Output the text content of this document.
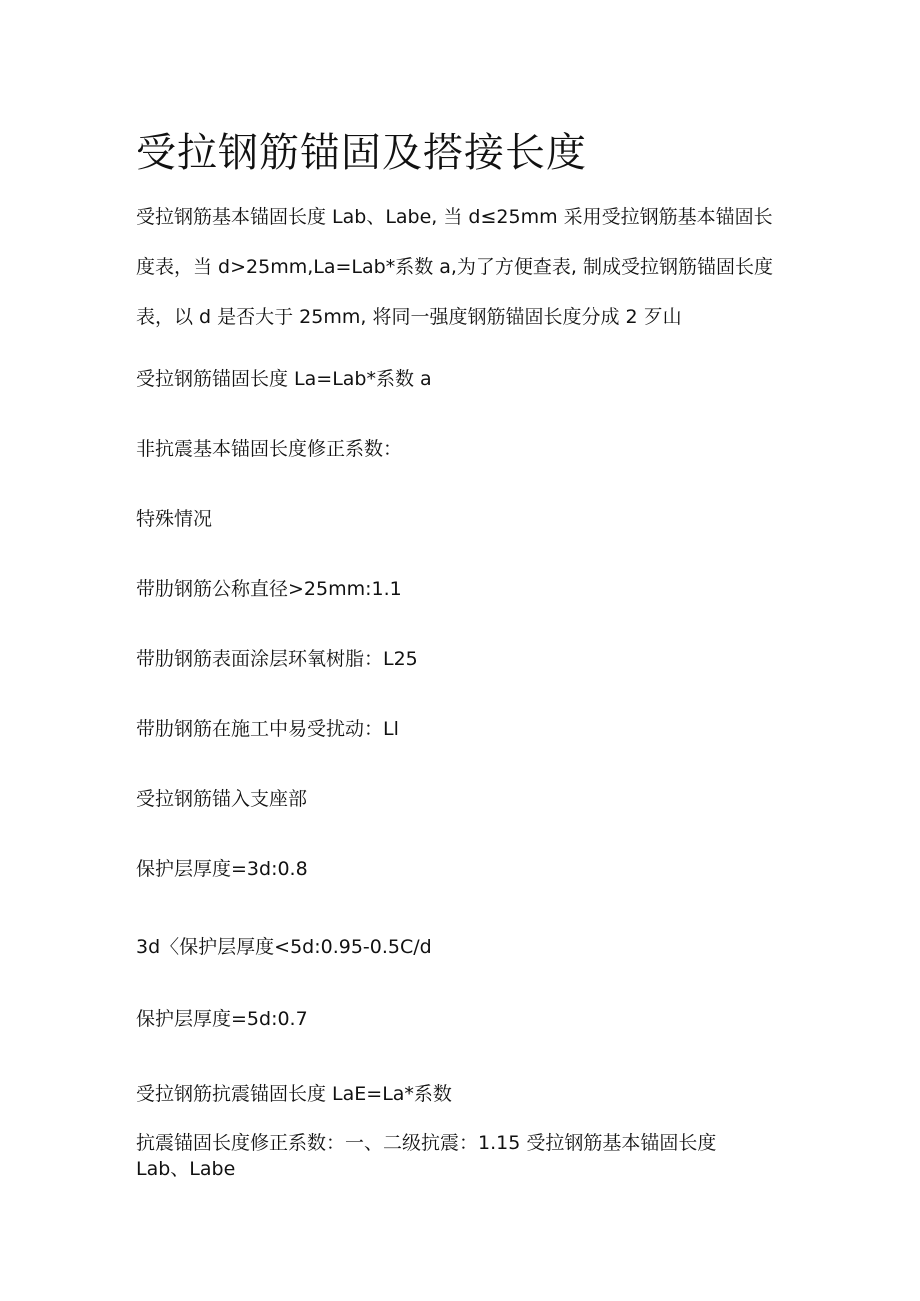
受拉钢筋锚固及搭接长度
受拉钢筋基本锚固长度 Lab、Labe, 当 d≤25mm 采用受拉钢筋基本锚固长
度表，当 d>25mm,La=Lab*系数 a,为了方便查表, 制成受拉钢筋锚固长度
表，以 d 是否大于 25mm, 将同一强度钢筋锚固长度分成 2 歹山

受拉钢筋锚固长度 La=Lab*系数 a

非抗震基本锚固长度修正系数：

特殊情况

带肋钢筋公称直径>25mm:1.1

带肋钢筋表面涂层环氧树脂：L25

带肋钢筋在施工中易受扰动：Ll

受拉钢筋锚入支座部

保护层厚度=3d:0.8

3d〈保护层厚度<5d:0.95-0.5C/d

保护层厚度=5d:0.7

受拉钢筋抗震锚固长度 LaE=La*系数

抗震锚固长度修正系数：一、二级抗震：1.15 受拉钢筋基本锚固长度

Lab、Labe
